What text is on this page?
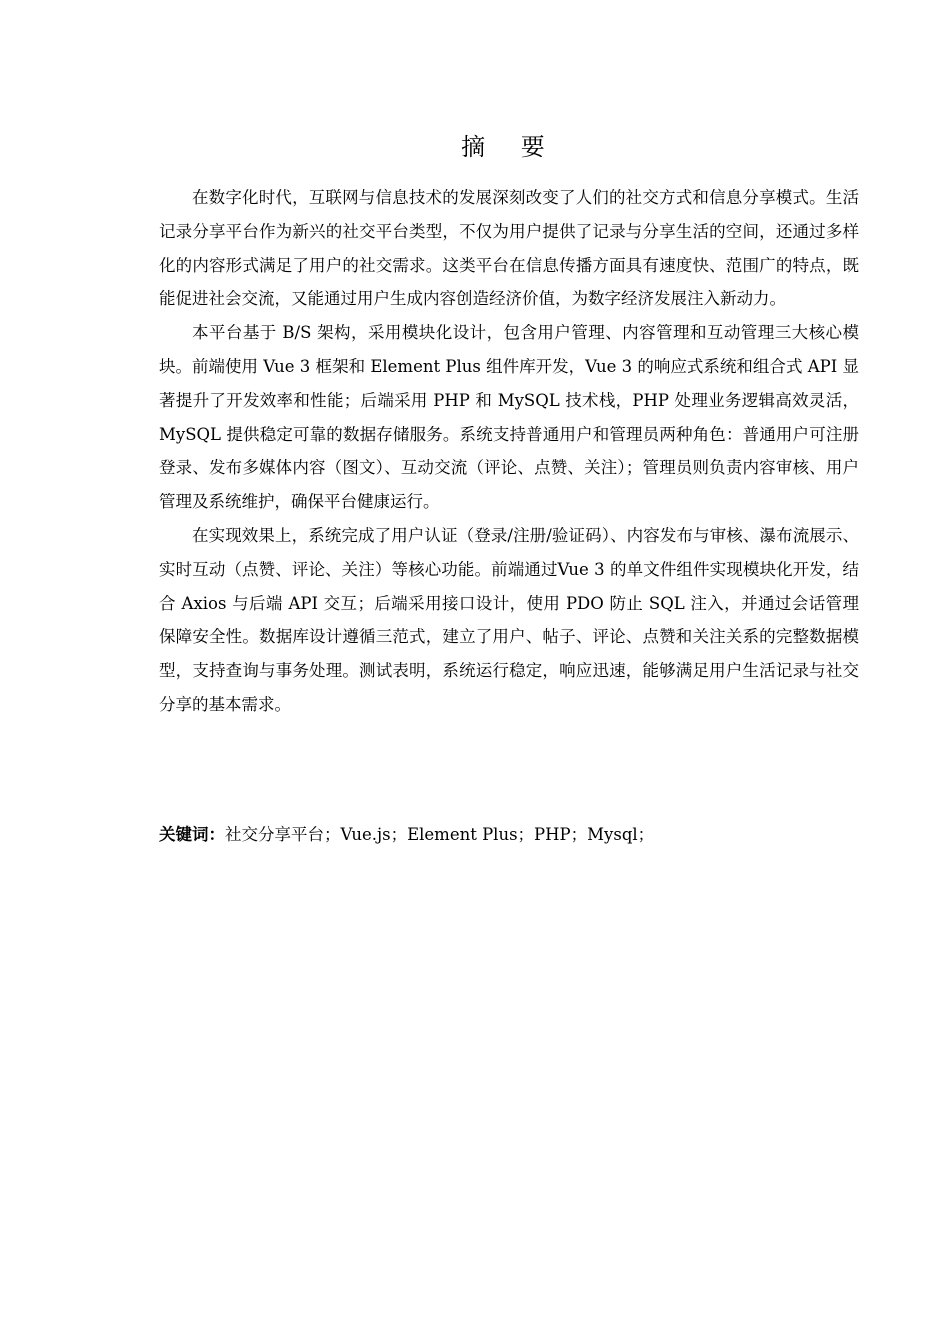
摘 要

在数字化时代，互联网与信息技术的发展深刻改变了人们的社交方式和信息分享模式。生活记录分享平台作为新兴的社交平台类型，不仅为用户提供了记录与分享生活的空间，还通过多样化的内容形式满足了用户的社交需求。这类平台在信息传播方面具有速度快、范围广的特点，既能促进社会交流，又能通过用户生成内容创造经济价值，为数字经济发展注入新动力。

本平台基于 B/S 架构，采用模块化设计，包含用户管理、内容管理和互动管理三大核心模块。前端使用 Vue 3 框架和 Element Plus 组件库开发，Vue 3 的响应式系统和组合式 API 显著提升了开发效率和性能；后端采用 PHP 和 MySQL 技术栈，PHP 处理业务逻辑高效灵活，MySQL 提供稳定可靠的数据存储服务。系统支持普通用户和管理员两种角色：普通用户可注册登录、发布多媒体内容（图文）、互动交流（评论、点赞、关注）；管理员则负责内容审核、用户管理及系统维护，确保平台健康运行。

在实现效果上，系统完成了用户认证（登录/注册/验证码）、内容发布与审核、瀑布流展示、实时互动（点赞、评论、关注）等核心功能。前端通过Vue 3 的单文件组件实现模块化开发，结合 Axios 与后端 API 交互；后端采用接口设计，使用 PDO 防止 SQL 注入，并通过会话管理保障安全性。数据库设计遵循三范式，建立了用户、帖子、评论、点赞和关注关系的完整数据模型，支持查询与事务处理。测试表明，系统运行稳定，响应迅速，能够满足用户生活记录与社交分享的基本需求。

关键词：社交分享平台；Vue.js；Element Plus；PHP；Mysql；
